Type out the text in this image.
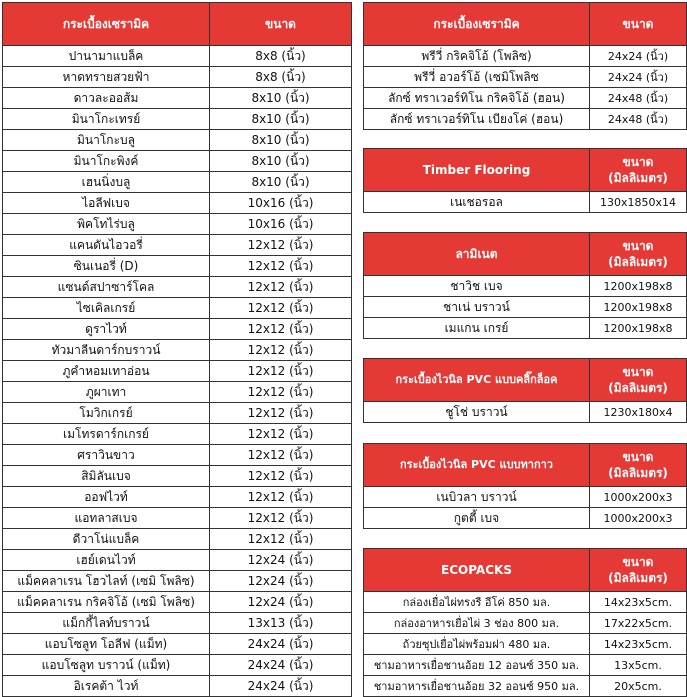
กระเบื้องเซรามิค	ขนาด
ปานามาแบล็ค	8x8 (นิ้ว)
หาดทรายสวยฟ้า	8x8 (นิ้ว)
ดาวละออส้ม	8x10 (นิ้ว)
มินาโกะเทรย์	8x10 (นิ้ว)
มินาโกะบลู	8x10 (นิ้ว)
มินาโกะพิงค์	8x10 (นิ้ว)
เฮนนิ่งบลู	8x10 (นิ้ว)
ไอลีฟเบจ	10x16 (นิ้ว)
พิคโทไร่บลู	10x16 (นิ้ว)
แคนดันไอวอรี่	12x12 (นิ้ว)
ซินเนอรี่ (D)	12x12 (นิ้ว)
แซนด์สปาซาร์โคล	12x12 (นิ้ว)
ไซเคิลเกรย์	12x12 (นิ้ว)
ดูราไวท์	12x12 (นิ้ว)
ทัวมาลีนดาร์กบราวน์	12x12 (นิ้ว)
ภูคำหอมเทาอ่อน	12x12 (นิ้ว)
ภูผาเทา	12x12 (นิ้ว)
โมวิกเกรย์	12x12 (นิ้ว)
เมโทรดาร์กเกรย์	12x12 (นิ้ว)
ศราวินขาว	12x12 (นิ้ว)
สิมิลันเบจ	12x12 (นิ้ว)
ออฟไวท์	12x12 (นิ้ว)
แอทลาสเบจ	12x12 (นิ้ว)
ดีวาโน่แบล็ค	12x12 (นิ้ว)
เฮย์เดนไวท์	12x24 (นิ้ว)
แม็คคลาเรน โฮวไลท์ (เซมิ โพลิซ)	12x24 (นิ้ว)
แม็คคลาเรน กริคจิโอ้ (เซมิ โพลิซ)	12x24 (นิ้ว)
แม็กกี้ไลท์บราวน์	13x13 (นิ้ว)
แอบโซลูท โอลีฟ (แม็ท)	24x24 (นิ้ว)
แอบโซลูท บราวน์ (แม็ท)	24x24 (นิ้ว)
อิเรคต้า ไวท์	24x24 (นิ้ว)
กระเบื้องเซรามิค	ขนาด
พรีวี่ กริคจิโอ้ (โพลิซ)	24x24 (นิ้ว)
พรีวี่ อวอร์โอ้ (เซมิโพลิซ	24x24 (นิ้ว)
ลักซ์ ทราเวอร์ทิโน กริคจิโอ้ (ฮอน)	24x48 (นิ้ว)
ลักซ์ ทราเวอร์ทิโน เบียงโค่ (ฮอน)	24x48 (นิ้ว)
Timber Flooring	ขนาด
(มิลลิเมตร)
เนเชอรอล	130x1850x14
ลามิเนต	ขนาด
(มิลลิเมตร)
ชาวิช เบจ	1200x198x8
ชาเน่ บราวน์	1200x198x8
เมแกน เกรย์	1200x198x8
กระเบื้องไวนิล PVC แบบคลิ๊กล็อค	ขนาด
(มิลลิเมตร)
ชูโช่ บราวน์	1230x180x4
กระเบื้องไวนิล PVC แบบทากาว	ขนาด
(มิลลิเมตร)
เนบิวลา บราวน์	1000x200x3
กูตตี้ เบจ	1000x200x3
ECOPACKS	ขนาด
(มิลลิเมตร)
กล่องเยื่อไผ่ทรงรี อีโค่ 850 มล.	14x23x5cm.
กล่องอาหารเยื่อไผ่ 3 ช่อง 800 มล.	17x22x5cm.
ถ้วยซุปเยื่อไผ่พร้อมฝา 480 มล.	14x23x5cm.
ชามอาหารเยื่อชานอ้อย 12 ออนซ์ 350 มล.	13x5cm.
ชามอาหารเยื่อชานอ้อย 32 ออนซ์ 950 มล.	20x5cm.
